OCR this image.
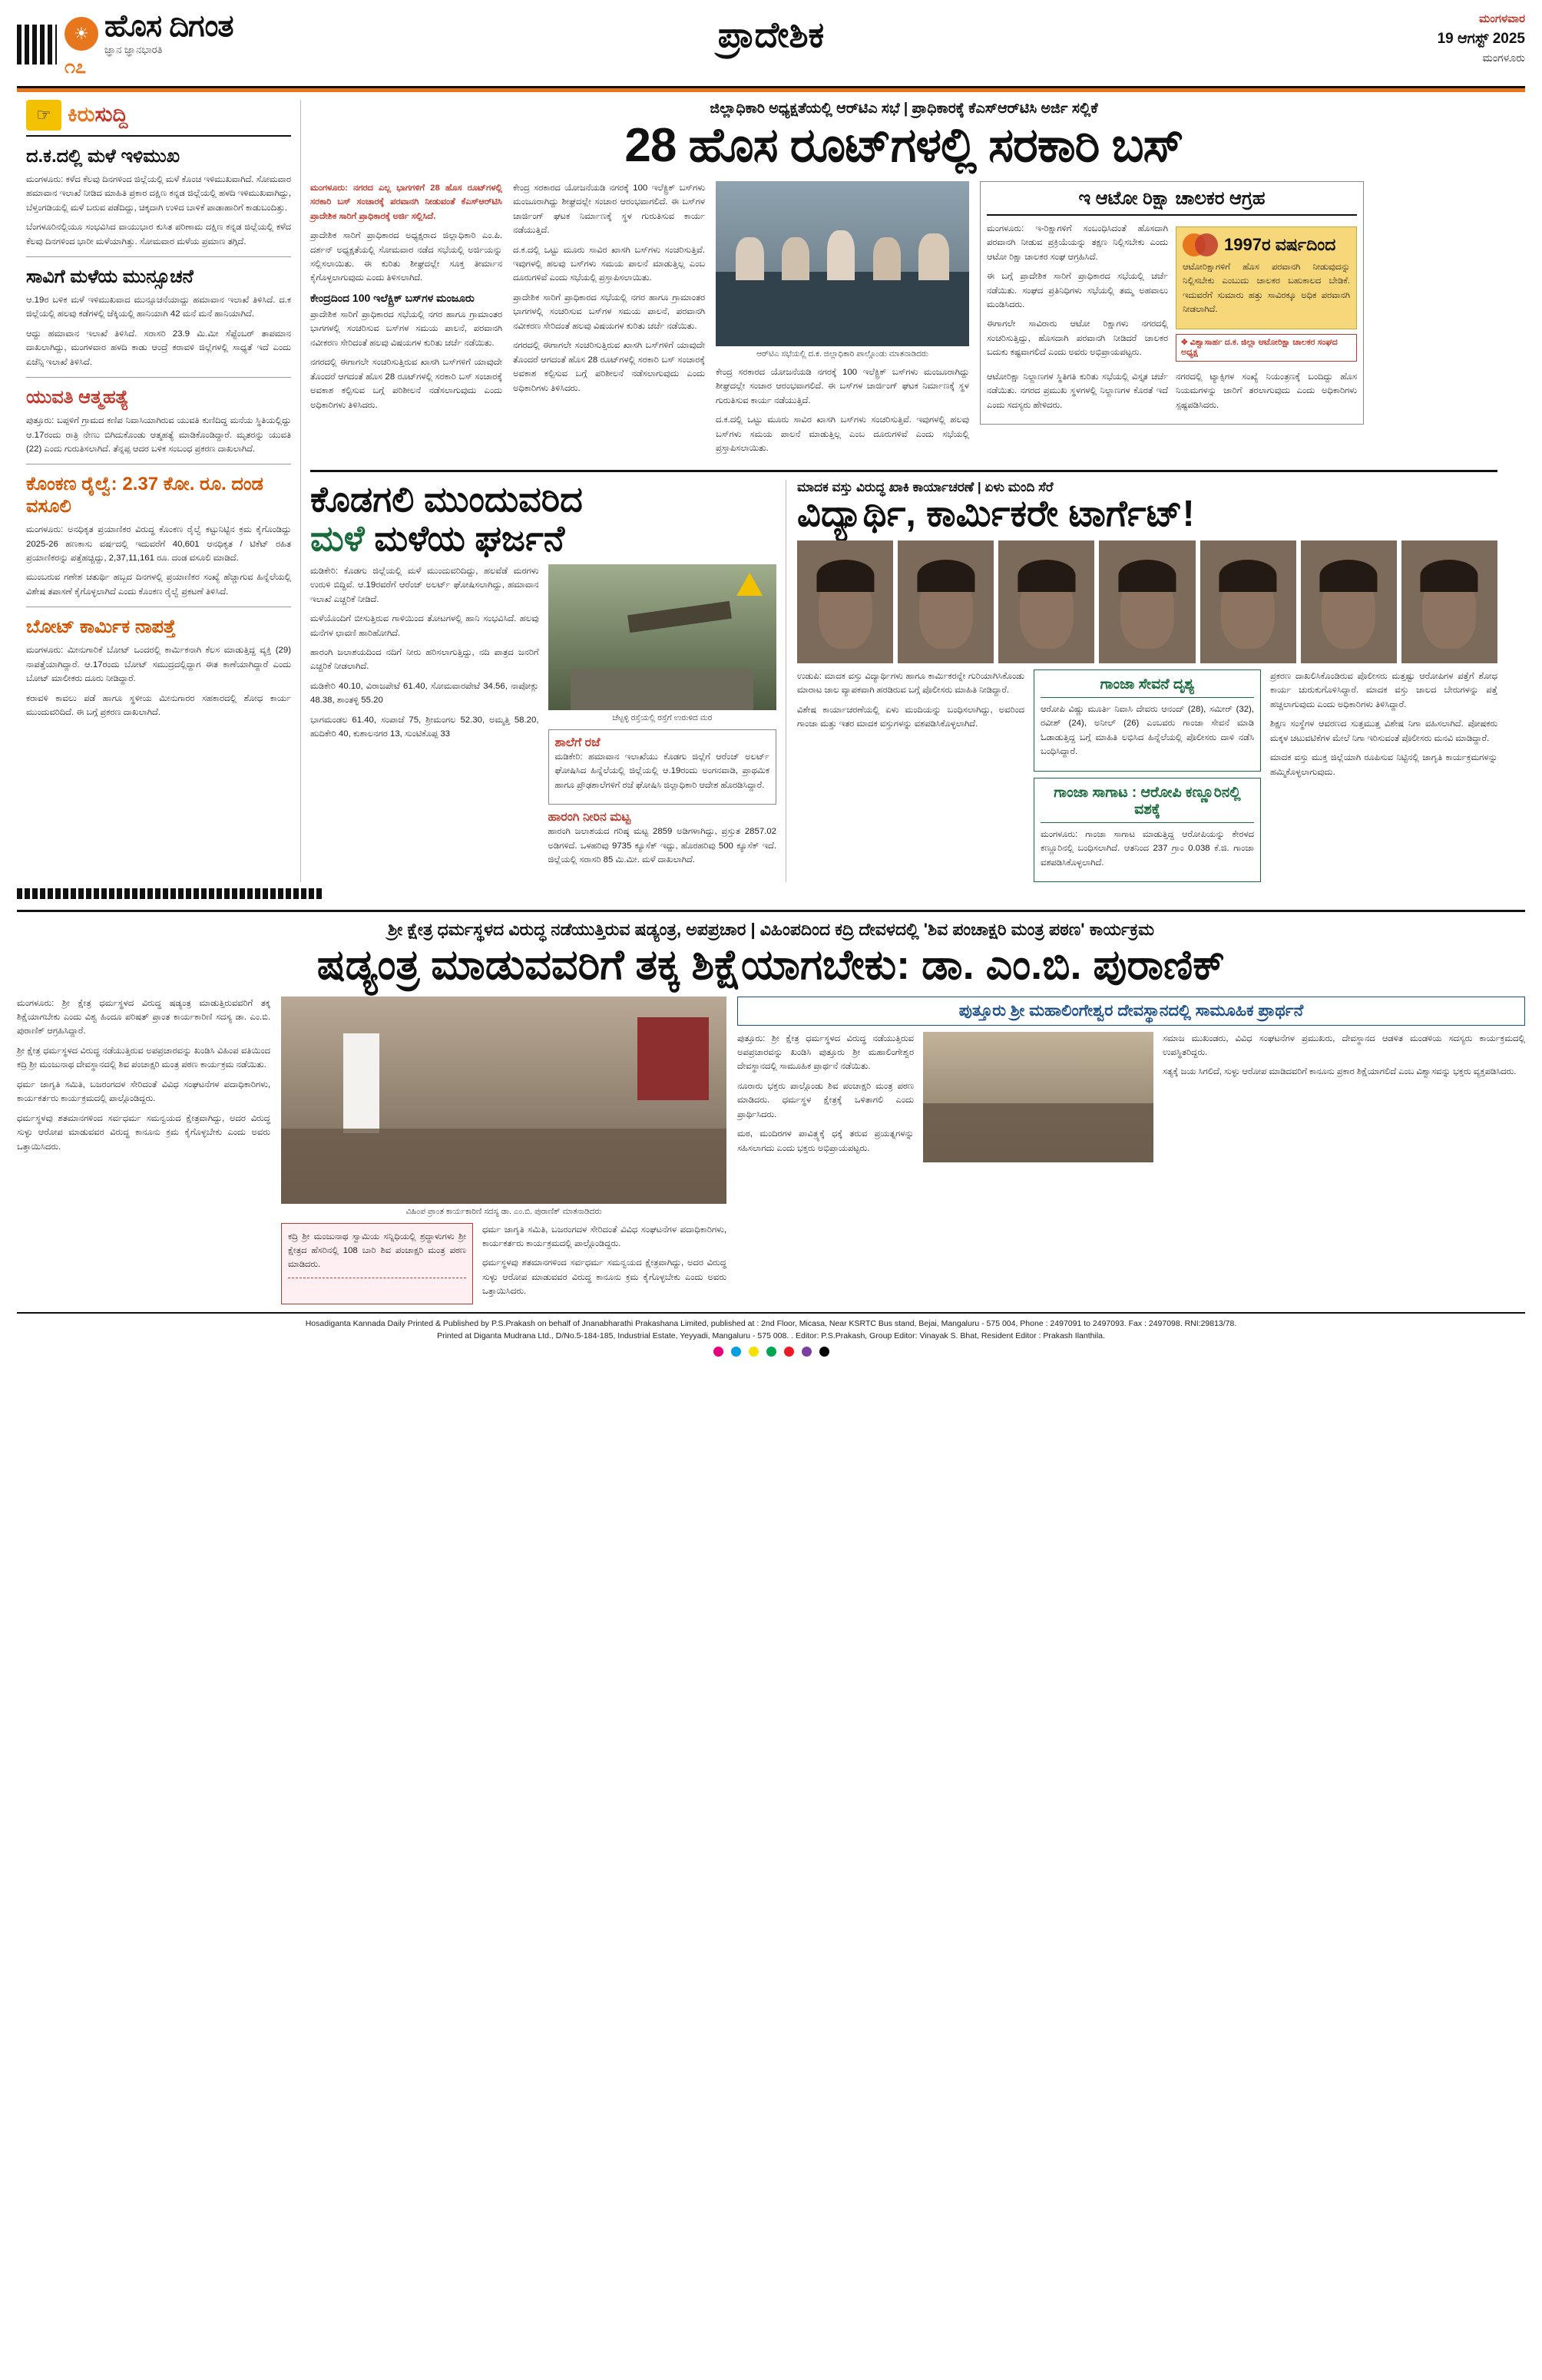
☀ ಹೊಸ ದಿಗಂತ
ಜ್ಞಾನ ಜ್ಞಾನಭಾರತಿ
೧೭
ಪ್ರಾದೇಶಿಕ	ಮಂಗಳವಾರ
19 ಆಗಸ್ಟ್ 2025
ಮಂಗಳೂರು
☞ ಕಿರುಸುದ್ದಿ
ದ.ಕ.ದಲ್ಲಿ ಮಳೆ ಇಳಿಮುಖ

ಮಂಗಳೂರು: ಕಳೆದ ಕೆಲವು ದಿನಗಳಿಂದ ಜಿಲ್ಲೆಯಲ್ಲಿ ಮಳೆ ಕೊಂಚ ಇಳಿಮುಖವಾಗಿದೆ. ಸೋಮವಾರ ಹಮಾವಾನ ಇಲಾಖೆ ನೀಡಿದ ಮಾಹಿತಿ ಪ್ರಕಾರ ದಕ್ಷಿಣ ಕನ್ನಡ ಜಿಲ್ಲೆಯಲ್ಲಿ ಹಳದಿ ಇಳಿಮುಖವಾಗಿದ್ದು, ಬೆಳ್ತಂಗಡಿಯಲ್ಲಿ ಮಳೆ ಬರುವ ಪಡೆದಿದ್ದು, ಚಿಕ್ಕದಾಗಿ ಉಳಿದ ಬಾಳಿಕೆ ಪಾಡಾಹಾರಿಗೆ ಕಾಡುಬಂದಿತ್ತು.

ಬೆಂಗಳೂರಿನಲ್ಲಿಯೂ ಸಂಭವಿಸಿದ ವಾಯುಭಾರ ಕುಸಿತ ಪರಿಣಾಮ ದಕ್ಷಿಣ ಕನ್ನಡ ಜಿಲ್ಲೆಯಲ್ಲಿ ಕಳೆದ ಕೆಲವು ದಿನಗಳಿಂದ ಭಾರೀ ಮಳೆಯಾಗಿತ್ತು. ಸೋಮವಾರ ಮಳೆಯ ಪ್ರಮಾಣ ತಗ್ಗಿದೆ.

ಸಾವಿಗೆ ಮಳೆಯ ಮುನ್ಸೂಚನೆ

ಆ.19ರ ಬಳಿಕ ಮಳೆ ಇಳಿಮುಖವಾದ ಮುನ್ಸೂಚನೆಯಾದ್ದು ಹಮಾವಾನ ಇಲಾಖೆ ತಿಳಿಸಿದೆ. ದ.ಕ ಜಿಲ್ಲೆಯಲ್ಲಿ ಹಲವು ಕಡೆಗಳಲ್ಲಿ ಜೆಕ್ಕಿಯಲ್ಲಿ ಹಾನಿಯಾಗಿ 42 ಮನೆ ಮನೆ ಹಾನಿಯಾಗಿದೆ.

ಆದ್ದು ಹಮಾವಾನ ಇಲಾಖೆ ತಿಳಿಸಿದೆ. ಸರಾಸರಿ 23.9 ಮಿ.ಮೀ ಸೆಪ್ಟೆಂಬರ್ ತಾಪಮಾನ ದಾಖಲಾಗಿದ್ದು, ಮಂಗಳವಾರ ಹಳದಿ ಕಾಡು ಆಂದ್ರೆ ಕರಾವಳಿ ಜಿಲ್ಲೆಗಳಲ್ಲಿ ಸಾಧ್ಯತೆ ಇದೆ ಎಂದು ಏಜೆನ್ಸಿ ಇಲಾಖೆ ತಿಳಿಸಿದೆ.

ಯುವತಿ ಆತ್ಮಹತ್ಯೆ

ಪುತ್ತೂರು: ಬಪ್ಪಳಿಗೆ ಗ್ರಾಮದ ಕಣಿಪ ನಿವಾಸಿಯಾಗಿರುವ ಯುವತಿ ಕುಣಿದಿದ್ದ ಮನೆಯ ಸ್ಥಿತಿಯಲ್ಲಿದ್ದು ಆ.17ರಂದು ರಾತ್ರಿ ನೇಣು ಬಿಗಿದುಕೊಂಡು ಆತ್ಮಹತ್ಯೆ ಮಾಡಿಕೊಂಡಿದ್ದಾರೆ. ಮೃತರನ್ನು ಯುವತಿ (22) ಎಂದು ಗುರುತಿಸಲಾಗಿದೆ. ತೆನ್ನಪ್ಪ ಆದರ ಬಳಿಕ ಸಂಬಂಧ ಪ್ರಕರಣ ದಾಖಲಾಗಿದೆ.

ಕೊಂಕಣ ರೈಲ್ವೆ: 2.37 ಕೋ. ರೂ. ದಂಡ ವಸೂಲಿ

ಮಂಗಳೂರು: ಅನಧಿಕೃತ ಪ್ರಯಾಣಿಕರ ವಿರುದ್ಧ ಕೊಂಕಣ ರೈಲ್ವೆ ಕಟ್ಟುನಿಟ್ಟಿನ ಕ್ರಮ ಕೈಗೊಂಡಿದ್ದು 2025-26 ಹಣಕಾಸು ವರ್ಷದಲ್ಲಿ ಇದುವರೆಗೆ 40,601 ಆನಧಿಕೃತ / ಟಿಕೆಟ್ ರಹಿತ ಪ್ರಯಾಣಿಕರನ್ನು ಪತ್ತೆಹಚ್ಚಿದ್ದು, 2,37,11,161 ರೂ. ದಂಡ ವಸೂಲಿ ಮಾಡಿದೆ.

ಮುಂಬರುವ ಗಣೇಶ ಚತುರ್ಥಿ ಹಬ್ಬದ ದಿನಗಳಲ್ಲಿ ಪ್ರಯಾಣಿಕರ ಸಂಖ್ಯೆ ಹೆಚ್ಚಾಗುವ ಹಿನ್ನೆಲೆಯಲ್ಲಿ ವಿಶೇಷ ತಪಾಸಣೆ ಕೈಗೊಳ್ಳಲಾಗಿದೆ ಎಂದು ಕೊಂಕಣ ರೈಲ್ವೆ ಪ್ರಕಟಣೆ ತಿಳಿಸಿದೆ.

ಬೋಟ್ ಕಾರ್ಮಿಕ ನಾಪತ್ತೆ

ಮಂಗಳೂರು: ಮೀನುಗಾರಿಕೆ ಬೋಟ್ ಒಂದರಲ್ಲಿ ಕಾರ್ಮಿಕನಾಗಿ ಕೆಲಸ ಮಾಡುತ್ತಿದ್ದ ವ್ಯಕ್ತಿ (29) ನಾಪತ್ತೆಯಾಗಿದ್ದಾರೆ. ಆ.17ರಂದು ಬೋಟ್ ಸಮುದ್ರದಲ್ಲಿದ್ದಾಗ ಈತ ಕಾಣೆಯಾಗಿದ್ದಾರೆ ಎಂದು ಬೋಟ್ ಮಾಲೀಕರು ದೂರು ನೀಡಿದ್ದಾರೆ.

ಕರಾವಳಿ ಕಾವಲು ಪಡೆ ಹಾಗೂ ಸ್ಥಳೀಯ ಮೀನುಗಾರರ ಸಹಕಾರದಲ್ಲಿ ಶೋಧ ಕಾರ್ಯ ಮುಂದುವರಿದಿದೆ. ಈ ಬಗ್ಗೆ ಪ್ರಕರಣ ದಾಖಲಾಗಿದೆ.

ಜಿಲ್ಲಾಧಿಕಾರಿ ಅಧ್ಯಕ್ಷತೆಯಲ್ಲಿ ಆರ್‌ಟಿಎ ಸಭೆ | ಪ್ರಾಧಿಕಾರಕ್ಕೆ ಕೆಎಸ್‌ಆರ್‌ಟಿಸಿ ಅರ್ಜಿ ಸಲ್ಲಿಕೆ
28 ಹೊಸ ರೂಟ್‌ಗಳಲ್ಲಿ ಸರಕಾರಿ ಬಸ್

ಮಂಗಳೂರು: ನಗರದ ಎಲ್ಲ ಭಾಗಗಳಿಗೆ 28 ಹೊಸ ರೂಟ್‌ಗಳಲ್ಲಿ ಸರಕಾರಿ ಬಸ್ ಸಂಚಾರಕ್ಕೆ ಪರವಾನಗಿ ನೀಡುವಂತೆ ಕೆಎಸ್‌ಆರ್‌ಟಿಸಿ ಪ್ರಾದೇಶಿಕ ಸಾರಿಗೆ ಪ್ರಾಧಿಕಾರಕ್ಕೆ ಅರ್ಜಿ ಸಲ್ಲಿಸಿದೆ.

ಪ್ರಾದೇಶಿಕ ಸಾರಿಗೆ ಪ್ರಾಧಿಕಾರದ ಅಧ್ಯಕ್ಷರಾದ ಜಿಲ್ಲಾಧಿಕಾರಿ ಎಂ.ಪಿ. ದರ್ಶನ್ ಅಧ್ಯಕ್ಷತೆಯಲ್ಲಿ ಸೋಮವಾರ ನಡೆದ ಸಭೆಯಲ್ಲಿ ಅರ್ಜಿಯನ್ನು ಸಲ್ಲಿಸಲಾಯಿತು. ಈ ಕುರಿತು ಶೀಘ್ರದಲ್ಲೇ ಸೂಕ್ತ ತೀರ್ಮಾನ ಕೈಗೊಳ್ಳಲಾಗುವುದು ಎಂದು ತಿಳಿಸಲಾಗಿದೆ.

ಕೇಂದ್ರದಿಂದ 100 ಇಲೆಕ್ಟ್ರಿಕ್ ಬಸ್‌ಗಳ ಮಂಜೂರು

ಪ್ರಾದೇಶಿಕ ಸಾರಿಗೆ ಪ್ರಾಧಿಕಾರದ ಸಭೆಯಲ್ಲಿ ನಗರ ಹಾಗೂ ಗ್ರಾಮಾಂತರ ಭಾಗಗಳಲ್ಲಿ ಸಂಚರಿಸುವ ಬಸ್‌ಗಳ ಸಮಯ ಪಾಲನೆ, ಪರವಾನಗಿ ನವೀಕರಣ ಸೇರಿದಂತೆ ಹಲವು ವಿಷಯಗಳ ಕುರಿತು ಚರ್ಚೆ ನಡೆಯಿತು.

ನಗರದಲ್ಲಿ ಈಗಾಗಲೇ ಸಂಚರಿಸುತ್ತಿರುವ ಖಾಸಗಿ ಬಸ್‌ಗಳಿಗೆ ಯಾವುದೇ ತೊಂದರೆ ಆಗದಂತೆ ಹೊಸ 28 ರೂಟ್‌ಗಳಲ್ಲಿ ಸರಕಾರಿ ಬಸ್ ಸಂಚಾರಕ್ಕೆ ಅವಕಾಶ ಕಲ್ಪಿಸುವ ಬಗ್ಗೆ ಪರಿಶೀಲನೆ ನಡೆಸಲಾಗುವುದು ಎಂದು ಅಧಿಕಾರಿಗಳು ತಿಳಿಸಿದರು.

ಕೇಂದ್ರ ಸರಕಾರದ ಯೋಜನೆಯಡಿ ನಗರಕ್ಕೆ 100 ಇಲೆಕ್ಟ್ರಿಕ್ ಬಸ್‌ಗಳು ಮಂಜೂರಾಗಿದ್ದು ಶೀಘ್ರದಲ್ಲೇ ಸಂಚಾರ ಆರಂಭವಾಗಲಿದೆ. ಈ ಬಸ್‌ಗಳ ಚಾರ್ಜಿಂಗ್ ಘಟಕ ನಿರ್ಮಾಣಕ್ಕೆ ಸ್ಥಳ ಗುರುತಿಸುವ ಕಾರ್ಯ ನಡೆಯುತ್ತಿದೆ.

ದ.ಕ.ದಲ್ಲಿ ಒಟ್ಟು ಮೂರು ಸಾವಿರ ಖಾಸಗಿ ಬಸ್‌ಗಳು ಸಂಚರಿಸುತ್ತಿವೆ. ಇವುಗಳಲ್ಲಿ ಹಲವು ಬಸ್‌ಗಳು ಸಮಯ ಪಾಲನೆ ಮಾಡುತ್ತಿಲ್ಲ ಎಂಬ ದೂರುಗಳಿವೆ ಎಂದು ಸಭೆಯಲ್ಲಿ ಪ್ರಸ್ತಾಪಿಸಲಾಯಿತು.

ಪ್ರಾದೇಶಿಕ ಸಾರಿಗೆ ಪ್ರಾಧಿಕಾರದ ಸಭೆಯಲ್ಲಿ ನಗರ ಹಾಗೂ ಗ್ರಾಮಾಂತರ ಭಾಗಗಳಲ್ಲಿ ಸಂಚರಿಸುವ ಬಸ್‌ಗಳ ಸಮಯ ಪಾಲನೆ, ಪರವಾನಗಿ ನವೀಕರಣ ಸೇರಿದಂತೆ ಹಲವು ವಿಷಯಗಳ ಕುರಿತು ಚರ್ಚೆ ನಡೆಯಿತು.

ನಗರದಲ್ಲಿ ಈಗಾಗಲೇ ಸಂಚರಿಸುತ್ತಿರುವ ಖಾಸಗಿ ಬಸ್‌ಗಳಿಗೆ ಯಾವುದೇ ತೊಂದರೆ ಆಗದಂತೆ ಹೊಸ 28 ರೂಟ್‌ಗಳಲ್ಲಿ ಸರಕಾರಿ ಬಸ್ ಸಂಚಾರಕ್ಕೆ ಅವಕಾಶ ಕಲ್ಪಿಸುವ ಬಗ್ಗೆ ಪರಿಶೀಲನೆ ನಡೆಸಲಾಗುವುದು ಎಂದು ಅಧಿಕಾರಿಗಳು ತಿಳಿಸಿದರು.

ಆರ್‌ಟಿಎ ಸಭೆಯಲ್ಲಿ ದ.ಕ. ಜಿಲ್ಲಾಧಿಕಾರಿ ಪಾಲ್ಗೊಂಡು ಮಾತನಾಡಿದರು

ಕೇಂದ್ರ ಸರಕಾರದ ಯೋಜನೆಯಡಿ ನಗರಕ್ಕೆ 100 ಇಲೆಕ್ಟ್ರಿಕ್ ಬಸ್‌ಗಳು ಮಂಜೂರಾಗಿದ್ದು ಶೀಘ್ರದಲ್ಲೇ ಸಂಚಾರ ಆರಂಭವಾಗಲಿದೆ. ಈ ಬಸ್‌ಗಳ ಚಾರ್ಜಿಂಗ್ ಘಟಕ ನಿರ್ಮಾಣಕ್ಕೆ ಸ್ಥಳ ಗುರುತಿಸುವ ಕಾರ್ಯ ನಡೆಯುತ್ತಿದೆ.

ದ.ಕ.ದಲ್ಲಿ ಒಟ್ಟು ಮೂರು ಸಾವಿರ ಖಾಸಗಿ ಬಸ್‌ಗಳು ಸಂಚರಿಸುತ್ತಿವೆ. ಇವುಗಳಲ್ಲಿ ಹಲವು ಬಸ್‌ಗಳು ಸಮಯ ಪಾಲನೆ ಮಾಡುತ್ತಿಲ್ಲ ಎಂಬ ದೂರುಗಳಿವೆ ಎಂದು ಸಭೆಯಲ್ಲಿ ಪ್ರಸ್ತಾಪಿಸಲಾಯಿತು.

ಇ ಆಟೋ ರಿಕ್ಷಾ ಚಾಲಕರ ಆಗ್ರಹ

ಮಂಗಳೂರು: ಇ-ರಿಕ್ಷಾಗಳಿಗೆ ಸಂಬಂಧಿಸಿದಂತೆ ಹೊಸದಾಗಿ ಪರವಾನಗಿ ನೀಡುವ ಪ್ರಕ್ರಿಯೆಯನ್ನು ತಕ್ಷಣ ನಿಲ್ಲಿಸಬೇಕು ಎಂದು ಆಟೋ ರಿಕ್ಷಾ ಚಾಲಕರ ಸಂಘ ಆಗ್ರಹಿಸಿದೆ.

ಈ ಬಗ್ಗೆ ಪ್ರಾದೇಶಿಕ ಸಾರಿಗೆ ಪ್ರಾಧಿಕಾರದ ಸಭೆಯಲ್ಲಿ ಚರ್ಚೆ ನಡೆಯಿತು. ಸಂಘದ ಪ್ರತಿನಿಧಿಗಳು ಸಭೆಯಲ್ಲಿ ತಮ್ಮ ಅಹವಾಲು ಮಂಡಿಸಿದರು.

ಈಗಾಗಲೇ ಸಾವಿರಾರು ಆಟೋ ರಿಕ್ಷಾಗಳು ನಗರದಲ್ಲಿ ಸಂಚರಿಸುತ್ತಿದ್ದು, ಹೊಸದಾಗಿ ಪರವಾನಗಿ ನೀಡಿದರೆ ಚಾಲಕರ ಬದುಕು ಕಷ್ಟವಾಗಲಿದೆ ಎಂದು ಅವರು ಅಭಿಪ್ರಾಯಪಟ್ಟರು.

1997ರ ವರ್ಷದಿಂದ

ಆಟೋರಿಕ್ಷಾಗಳಿಗೆ ಹೊಸ ಪರವಾನಗಿ ನೀಡುವುದನ್ನು ನಿಲ್ಲಿಸಬೇಕು ಎಂಬುದು ಚಾಲಕರ ಬಹುಕಾಲದ ಬೇಡಿಕೆ. ಇದುವರೆಗೆ ಸುಮಾರು ಹತ್ತು ಸಾವಿರಕ್ಕೂ ಅಧಿಕ ಪರವಾನಗಿ ನೀಡಲಾಗಿದೆ.

❖ ವಿಶ್ವಾಸಾರ್ಹ ದ.ಕ. ಜಿಲ್ಲಾ ಆಟೋರಿಕ್ಷಾ ಚಾಲಕರ ಸಂಘದ ಅಧ್ಯಕ್ಷ

ಆಟೋರಿಕ್ಷಾ ನಿಲ್ದಾಣಗಳ ಸ್ಥಿತಿಗತಿ ಕುರಿತು ಸಭೆಯಲ್ಲಿ ವಿಸ್ತೃತ ಚರ್ಚೆ ನಡೆಯಿತು. ನಗರದ ಪ್ರಮುಖ ಸ್ಥಳಗಳಲ್ಲಿ ನಿಲ್ದಾಣಗಳ ಕೊರತೆ ಇದೆ ಎಂದು ಸದಸ್ಯರು ಹೇಳಿದರು.

ನಗರದಲ್ಲಿ ಟ್ಯಾಕ್ಸಿಗಳ ಸಂಖ್ಯೆ ನಿಯಂತ್ರಣಕ್ಕೆ ಬಂದಿದ್ದು ಹೊಸ ನಿಯಮಗಳನ್ನು ಜಾರಿಗೆ ತರಲಾಗುವುದು ಎಂದು ಅಧಿಕಾರಿಗಳು ಸ್ಪಷ್ಟಪಡಿಸಿದರು.

ಕೊಡಗಲಿ ಮುಂದುವರಿದ
ಮಳೆ ಮಳೆಯ ಘರ್ಜನೆ

ಮಡಿಕೇರಿ: ಕೊಡಗು ಜಿಲ್ಲೆಯಲ್ಲಿ ಮಳೆ ಮುಂದುವರಿದಿದ್ದು, ಹಲವೆಡೆ ಮರಗಳು ಉರುಳಿ ಬಿದ್ದಿವೆ. ಆ.19ರವರೆಗೆ ಆರೆಂಜ್ ಅಲರ್ಟ್ ಘೋಷಿಸಲಾಗಿದ್ದು, ಹಮಾವಾನ ಇಲಾಖೆ ಎಚ್ಚರಿಕೆ ನೀಡಿದೆ.

ಮಳೆಯೊಂದಿಗೆ ಬೀಸುತ್ತಿರುವ ಗಾಳಿಯಿಂದ ತೋಟಗಳಲ್ಲಿ ಹಾನಿ ಸಂಭವಿಸಿದೆ. ಹಲವು ಮನೆಗಳ ಛಾವಣಿ ಹಾರಿಹೋಗಿದೆ.

ಹಾರಂಗಿ ಜಲಾಶಯದಿಂದ ನದಿಗೆ ನೀರು ಹರಿಸಲಾಗುತ್ತಿದ್ದು, ನದಿ ಪಾತ್ರದ ಜನರಿಗೆ ಎಚ್ಚರಿಕೆ ನೀಡಲಾಗಿದೆ.

ಮಡಿಕೇರಿ 40.10, ವಿರಾಜಪೇಟೆ 61.40, ಸೋಮವಾರಪೇಟೆ 34.56, ನಾಪೋಕ್ಲು 48.38, ಶಾಂತಳ್ಳಿ 55.20

ಭಾಗಮಂಡಲ 61.40, ಸಂಪಾಜೆ 75, ಶ್ರೀಮಂಗಲ 52.30, ಅಮ್ಮತ್ತಿ 58.20, ಹುದಿಕೇರಿ 40, ಕುಶಾಲನಗರ 13, ಸುಂಟಿಕೊಪ್ಪ 33

ಚೆಟ್ಟಳ್ಳಿ ರಸ್ತೆಯಲ್ಲಿ ರಸ್ತೆಗೆ ಉರುಳಿದ ಮರ
ಶಾಲೆಗೆ ರಜೆ

ಮಡಿಕೇರಿ: ಹಮಾವಾನ ಇಲಾಖೆಯು ಕೊಡಗು ಜಿಲ್ಲೆಗೆ ಆರೆಂಜ್ ಅಲರ್ಟ್ ಘೋಷಿಸಿದ ಹಿನ್ನೆಲೆಯಲ್ಲಿ ಜಿಲ್ಲೆಯಲ್ಲಿ ಆ.19ರಂದು ಅಂಗನವಾಡಿ, ಪ್ರಾಥಮಿಕ ಹಾಗೂ ಪ್ರೌಢಶಾಲೆಗಳಿಗೆ ರಜೆ ಘೋಷಿಸಿ ಜಿಲ್ಲಾಧಿಕಾರಿ ಆದೇಶ ಹೊರಡಿಸಿದ್ದಾರೆ.

ಹಾರಂಗಿ ನೀರಿನ ಮಟ್ಟ

ಹಾರಂಗಿ ಜಲಾಶಯದ ಗರಿಷ್ಠ ಮಟ್ಟ 2859 ಅಡಿಗಳಾಗಿದ್ದು, ಪ್ರಸ್ತುತ 2857.02 ಅಡಿಗಳಿದೆ. ಒಳಹರಿವು 9735 ಕ್ಯೂಸೆಕ್ ಇದ್ದು, ಹೊರಹರಿವು 500 ಕ್ಯೂಸೆಕ್ ಇದೆ. ಜಿಲ್ಲೆಯಲ್ಲಿ ಸರಾಸರಿ 85 ಮಿ.ಮೀ. ಮಳೆ ದಾಖಲಾಗಿದೆ.

ಮಾದಕ ವಸ್ತು ವಿರುದ್ಧ ಖಾಕಿ ಕಾರ್ಯಾಚರಣೆ | ಏಳು ಮಂದಿ ಸೆರೆ
ವಿದ್ಯಾರ್ಥಿ, ಕಾರ್ಮಿಕರೇ ಟಾರ್ಗೆಟ್!

ಉಡುಪಿ: ಮಾದಕ ವಸ್ತು ವಿದ್ಯಾರ್ಥಿಗಳು ಹಾಗೂ ಕಾರ್ಮಿಕರನ್ನೇ ಗುರಿಯಾಗಿಸಿಕೊಂಡು ಮಾರಾಟ ಜಾಲ ವ್ಯಾಪಕವಾಗಿ ಹರಡಿರುವ ಬಗ್ಗೆ ಪೊಲೀಸರು ಮಾಹಿತಿ ನೀಡಿದ್ದಾರೆ.

ವಿಶೇಷ ಕಾರ್ಯಾಚರಣೆಯಲ್ಲಿ ಏಳು ಮಂದಿಯನ್ನು ಬಂಧಿಸಲಾಗಿದ್ದು, ಅವರಿಂದ ಗಾಂಜಾ ಮತ್ತು ಇತರ ಮಾದಕ ವಸ್ತುಗಳನ್ನು ವಶಪಡಿಸಿಕೊಳ್ಳಲಾಗಿದೆ.

ಗಾಂಜಾ ಸೇವನೆ ದೃಶ್ಯ

ಆರೋಪಿ ವಿಷ್ಣು ಮೂರ್ತಿ ನಿವಾಸಿ ದೇವರು ಆನಂದ್ (28), ಸಮೀರ್ (32), ರವೀಶ್ (24), ಅನೀಲ್ (26) ಎಂಬವರು ಗಾಂಜಾ ಸೇವನೆ ಮಾಡಿ ಓಡಾಡುತ್ತಿದ್ದ ಬಗ್ಗೆ ಮಾಹಿತಿ ಲಭಿಸಿದ ಹಿನ್ನೆಲೆಯಲ್ಲಿ ಪೊಲೀಸರು ದಾಳಿ ನಡೆಸಿ ಬಂಧಿಸಿದ್ದಾರೆ.

ಗಾಂಜಾ ಸಾಗಾಟ : ಆರೋಪಿ ಕಣ್ಣೂರಿನಲ್ಲಿ ವಶಕ್ಕೆ

ಮಂಗಳೂರು: ಗಾಂಜಾ ಸಾಗಾಟ ಮಾಡುತ್ತಿದ್ದ ಆರೋಪಿಯನ್ನು ಕೇರಳದ ಕಣ್ಣೂರಿನಲ್ಲಿ ಬಂಧಿಸಲಾಗಿದೆ. ಆತನಿಂದ 237 ಗ್ರಾಂ 0.038 ಕೆ.ಜಿ. ಗಾಂಜಾ ವಶಪಡಿಸಿಕೊಳ್ಳಲಾಗಿದೆ.

ಪ್ರಕರಣ ದಾಖಲಿಸಿಕೊಂಡಿರುವ ಪೊಲೀಸರು ಮತ್ತಷ್ಟು ಆರೋಪಿಗಳ ಪತ್ತೆಗೆ ಶೋಧ ಕಾರ್ಯ ಚುರುಕುಗೊಳಿಸಿದ್ದಾರೆ. ಮಾದಕ ವಸ್ತು ಜಾಲದ ಬೇರುಗಳನ್ನು ಪತ್ತೆ ಹಚ್ಚಲಾಗುವುದು ಎಂದು ಅಧಿಕಾರಿಗಳು ತಿಳಿಸಿದ್ದಾರೆ.

ಶಿಕ್ಷಣ ಸಂಸ್ಥೆಗಳ ಆವರಣದ ಸುತ್ತಮುತ್ತ ವಿಶೇಷ ನಿಗಾ ವಹಿಸಲಾಗಿದೆ. ಪೋಷಕರು ಮಕ್ಕಳ ಚಟುವಟಿಕೆಗಳ ಮೇಲೆ ನಿಗಾ ಇರಿಸುವಂತೆ ಪೊಲೀಸರು ಮನವಿ ಮಾಡಿದ್ದಾರೆ.

ಮಾದಕ ವಸ್ತು ಮುಕ್ತ ಜಿಲ್ಲೆಯಾಗಿ ರೂಪಿಸುವ ನಿಟ್ಟಿನಲ್ಲಿ ಜಾಗೃತಿ ಕಾರ್ಯಕ್ರಮಗಳನ್ನು ಹಮ್ಮಿಕೊಳ್ಳಲಾಗುವುದು.

ಶ್ರೀ ಕ್ಷೇತ್ರ ಧರ್ಮಸ್ಥಳದ ವಿರುದ್ಧ ನಡೆಯುತ್ತಿರುವ ಷಡ್ಯಂತ್ರ, ಅಪಪ್ರಚಾರ | ವಿಹಿಂಪದಿಂದ ಕದ್ರಿ ದೇವಳದಲ್ಲಿ 'ಶಿವ ಪಂಚಾಕ್ಷರಿ ಮಂತ್ರ ಪಠಣ' ಕಾರ್ಯಕ್ರಮ
ಷಡ್ಯಂತ್ರ ಮಾಡುವವರಿಗೆ ತಕ್ಕ ಶಿಕ್ಷೆಯಾಗಬೇಕು: ಡಾ. ಎಂ.ಬಿ. ಪುರಾಣಿಕ್

ಮಂಗಳೂರು: ಶ್ರೀ ಕ್ಷೇತ್ರ ಧರ್ಮಸ್ಥಳದ ವಿರುದ್ಧ ಷಡ್ಯಂತ್ರ ಮಾಡುತ್ತಿರುವವರಿಗೆ ತಕ್ಕ ಶಿಕ್ಷೆಯಾಗಬೇಕು ಎಂದು ವಿಶ್ವ ಹಿಂದೂ ಪರಿಷತ್ ಪ್ರಾಂತ ಕಾರ್ಯಕಾರಿಣಿ ಸದಸ್ಯ ಡಾ. ಎಂ.ಬಿ. ಪುರಾಣಿಕ್ ಆಗ್ರಹಿಸಿದ್ದಾರೆ.

ಶ್ರೀ ಕ್ಷೇತ್ರ ಧರ್ಮಸ್ಥಳದ ವಿರುದ್ಧ ನಡೆಯುತ್ತಿರುವ ಅಪಪ್ರಚಾರವನ್ನು ಖಂಡಿಸಿ ವಿಹಿಂಪ ವತಿಯಿಂದ ಕದ್ರಿ ಶ್ರೀ ಮಂಜುನಾಥ ದೇವಸ್ಥಾನದಲ್ಲಿ ಶಿವ ಪಂಚಾಕ್ಷರಿ ಮಂತ್ರ ಪಠಣ ಕಾರ್ಯಕ್ರಮ ನಡೆಯಿತು.

ಧರ್ಮ ಜಾಗೃತಿ ಸಮಿತಿ, ಬಜರಂಗದಳ ಸೇರಿದಂತೆ ವಿವಿಧ ಸಂಘಟನೆಗಳ ಪದಾಧಿಕಾರಿಗಳು, ಕಾರ್ಯಕರ್ತರು ಕಾರ್ಯಕ್ರಮದಲ್ಲಿ ಪಾಲ್ಗೊಂಡಿದ್ದರು.

ಧರ್ಮಸ್ಥಳವು ಶತಮಾನಗಳಿಂದ ಸರ್ವಧರ್ಮ ಸಮನ್ವಯದ ಕ್ಷೇತ್ರವಾಗಿದ್ದು, ಅದರ ವಿರುದ್ಧ ಸುಳ್ಳು ಆರೋಪ ಮಾಡುವವರ ವಿರುದ್ಧ ಕಾನೂನು ಕ್ರಮ ಕೈಗೊಳ್ಳಬೇಕು ಎಂದು ಅವರು ಒತ್ತಾಯಿಸಿದರು.

ವಿಹಿಂಪ ಪ್ರಾಂತ ಕಾರ್ಯಕಾರಿಣಿ ಸದಸ್ಯ ಡಾ. ಎಂ.ಬಿ. ಪುರಾಣಿಕ್ ಮಾತನಾಡಿದರು

ಕದ್ರಿ ಶ್ರೀ ಮಂಜುನಾಥ ಸ್ವಾಮಿಯ ಸನ್ನಿಧಿಯಲ್ಲಿ ಶ್ರದ್ಧಾಳುಗಳು ಶ್ರೀ ಕ್ಷೇತ್ರದ ಹೆಸರಿನಲ್ಲಿ 108 ಬಾರಿ ಶಿವ ಪಂಚಾಕ್ಷರಿ ಮಂತ್ರ ಪಠಣ ಮಾಡಿದರು.

ಧರ್ಮ ಜಾಗೃತಿ ಸಮಿತಿ, ಬಜರಂಗದಳ ಸೇರಿದಂತೆ ವಿವಿಧ ಸಂಘಟನೆಗಳ ಪದಾಧಿಕಾರಿಗಳು, ಕಾರ್ಯಕರ್ತರು ಕಾರ್ಯಕ್ರಮದಲ್ಲಿ ಪಾಲ್ಗೊಂಡಿದ್ದರು.

ಧರ್ಮಸ್ಥಳವು ಶತಮಾನಗಳಿಂದ ಸರ್ವಧರ್ಮ ಸಮನ್ವಯದ ಕ್ಷೇತ್ರವಾಗಿದ್ದು, ಅದರ ವಿರುದ್ಧ ಸುಳ್ಳು ಆರೋಪ ಮಾಡುವವರ ವಿರುದ್ಧ ಕಾನೂನು ಕ್ರಮ ಕೈಗೊಳ್ಳಬೇಕು ಎಂದು ಅವರು ಒತ್ತಾಯಿಸಿದರು.

ಪುತ್ತೂರು ಶ್ರೀ ಮಹಾಲಿಂಗೇಶ್ವರ ದೇವಸ್ಥಾನದಲ್ಲಿ ಸಾಮೂಹಿಕ ಪ್ರಾರ್ಥನೆ

ಪುತ್ತೂರು: ಶ್ರೀ ಕ್ಷೇತ್ರ ಧರ್ಮಸ್ಥಳದ ವಿರುದ್ಧ ನಡೆಯುತ್ತಿರುವ ಅಪಪ್ರಚಾರವನ್ನು ಖಂಡಿಸಿ ಪುತ್ತೂರು ಶ್ರೀ ಮಹಾಲಿಂಗೇಶ್ವರ ದೇವಸ್ಥಾನದಲ್ಲಿ ಸಾಮೂಹಿಕ ಪ್ರಾರ್ಥನೆ ನಡೆಯಿತು.

ನೂರಾರು ಭಕ್ತರು ಪಾಲ್ಗೊಂಡು ಶಿವ ಪಂಚಾಕ್ಷರಿ ಮಂತ್ರ ಪಠಣ ಮಾಡಿದರು. ಧರ್ಮಸ್ಥಳ ಕ್ಷೇತ್ರಕ್ಕೆ ಒಳಿತಾಗಲಿ ಎಂದು ಪ್ರಾರ್ಥಿಸಿದರು.

ಮಠ, ಮಂದಿರಗಳ ಪಾವಿತ್ರ್ಯಕ್ಕೆ ಧಕ್ಕೆ ತರುವ ಪ್ರಯತ್ನಗಳನ್ನು ಸಹಿಸಲಾಗದು ಎಂದು ಭಕ್ತರು ಅಭಿಪ್ರಾಯಪಟ್ಟರು.

ಸಮಾಜ ಮುಖಂಡರು, ವಿವಿಧ ಸಂಘಟನೆಗಳ ಪ್ರಮುಖರು, ದೇವಸ್ಥಾನದ ಆಡಳಿತ ಮಂಡಳಿಯ ಸದಸ್ಯರು ಕಾರ್ಯಕ್ರಮದಲ್ಲಿ ಉಪಸ್ಥಿತರಿದ್ದರು.

ಸತ್ಯಕ್ಕೆ ಜಯ ಸಿಗಲಿದೆ, ಸುಳ್ಳು ಆರೋಪ ಮಾಡಿದವರಿಗೆ ಕಾನೂನು ಪ್ರಕಾರ ಶಿಕ್ಷೆಯಾಗಲಿದೆ ಎಂಬ ವಿಶ್ವಾಸವನ್ನು ಭಕ್ತರು ವ್ಯಕ್ತಪಡಿಸಿದರು.

Hosadiganta Kannada Daily Printed & Published by P.S.Prakash on behalf of Jnanabharathi Prakashana Limited, published at : 2nd Floor, Micasa, Near KSRTC Bus stand, Bejai, Mangaluru - 575 004, Phone : 2497091 to 2497093. Fax : 2497098. RNI:29813/78.
Printed at Diganta Mudrana Ltd., D/No.5-184-185, Industrial Estate, Yeyyadi, Mangaluru - 575 008. . Editor: P.S.Prakash, Group Editor: Vinayak S. Bhat, Resident Editor : Prakash Ilanthila.
